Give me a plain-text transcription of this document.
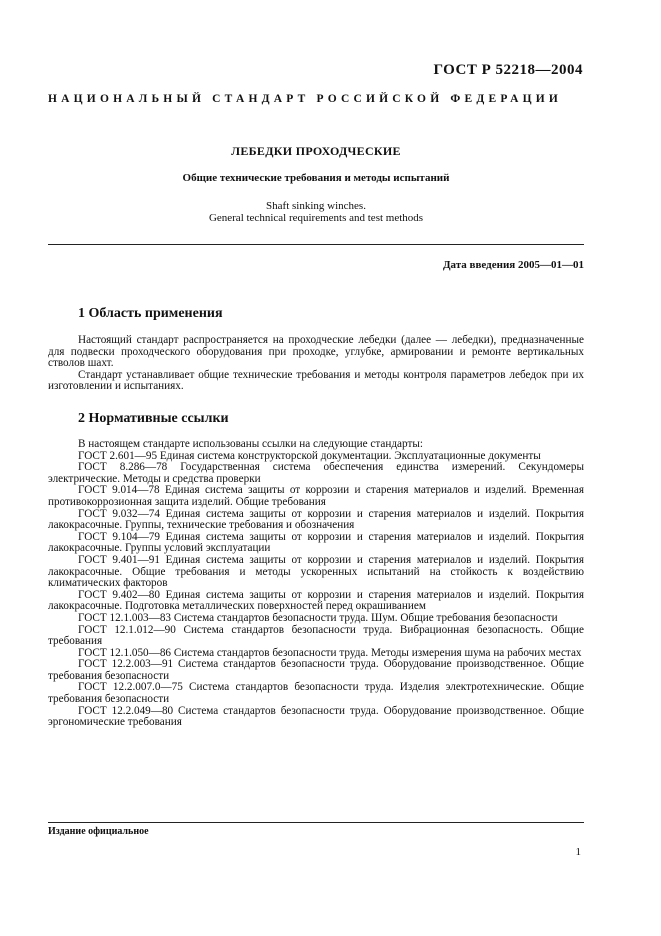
ГОСТ Р 52218—2004
НАЦИОНАЛЬНЫЙ СТАНДАРТ РОССИЙСКОЙ ФЕДЕРАЦИИ
ЛЕБЕДКИ ПРОХОДЧЕСКИЕ
Общие технические требования и методы испытаний
Shaft sinking winches.
General technical requirements and test methods
Дата введения 2005—01—01
1 Область применения

Настоящий стандарт распространяется на проходческие лебедки (далее — лебедки), предназначенные для подвески проходческого оборудования при проходке, углубке, армировании и ремонте вертикальных стволов шахт.

Стандарт устанавливает общие технические требования и методы контроля параметров лебедок при их изготовлении и испытаниях.

2 Нормативные ссылки

В настоящем стандарте использованы ссылки на следующие стандарты:

ГОСТ 2.601—95 Единая система конструкторской документации. Эксплуатационные документы

ГОСТ 8.286—78 Государственная система обеспечения единства измерений. Секундомеры электрические. Методы и средства проверки

ГОСТ 9.014—78 Единая система защиты от коррозии и старения материалов и изделий. Временная противокоррозионная защита изделий. Общие требования

ГОСТ 9.032—74 Единая система защиты от коррозии и старения материалов и изделий. Покрытия лакокрасочные. Группы, технические требования и обозначения

ГОСТ 9.104—79 Единая система защиты от коррозии и старения материалов и изделий. Покрытия лакокрасочные. Группы условий эксплуатации

ГОСТ 9.401—91 Единая система защиты от коррозии и старения материалов и изделий. Покрытия лакокрасочные. Общие требования и методы ускоренных испытаний на стойкость к воздействию климатических факторов

ГОСТ 9.402—80 Единая система защиты от коррозии и старения материалов и изделий. Покрытия лакокрасочные. Подготовка металлических поверхностей перед окрашиванием

ГОСТ 12.1.003—83 Система стандартов безопасности труда. Шум. Общие требования безопасности

ГОСТ 12.1.012—90 Система стандартов безопасности труда. Вибрационная безопасность. Общие требования

ГОСТ 12.1.050—86 Система стандартов безопасности труда. Методы измерения шума на рабочих местах

ГОСТ 12.2.003—91 Система стандартов безопасности труда. Оборудование производственное. Общие требования безопасности

ГОСТ 12.2.007.0—75 Система стандартов безопасности труда. Изделия электротехнические. Общие требования безопасности

ГОСТ 12.2.049—80 Система стандартов безопасности труда. Оборудование производственное. Общие эргономические требования

Издание официальное
1
